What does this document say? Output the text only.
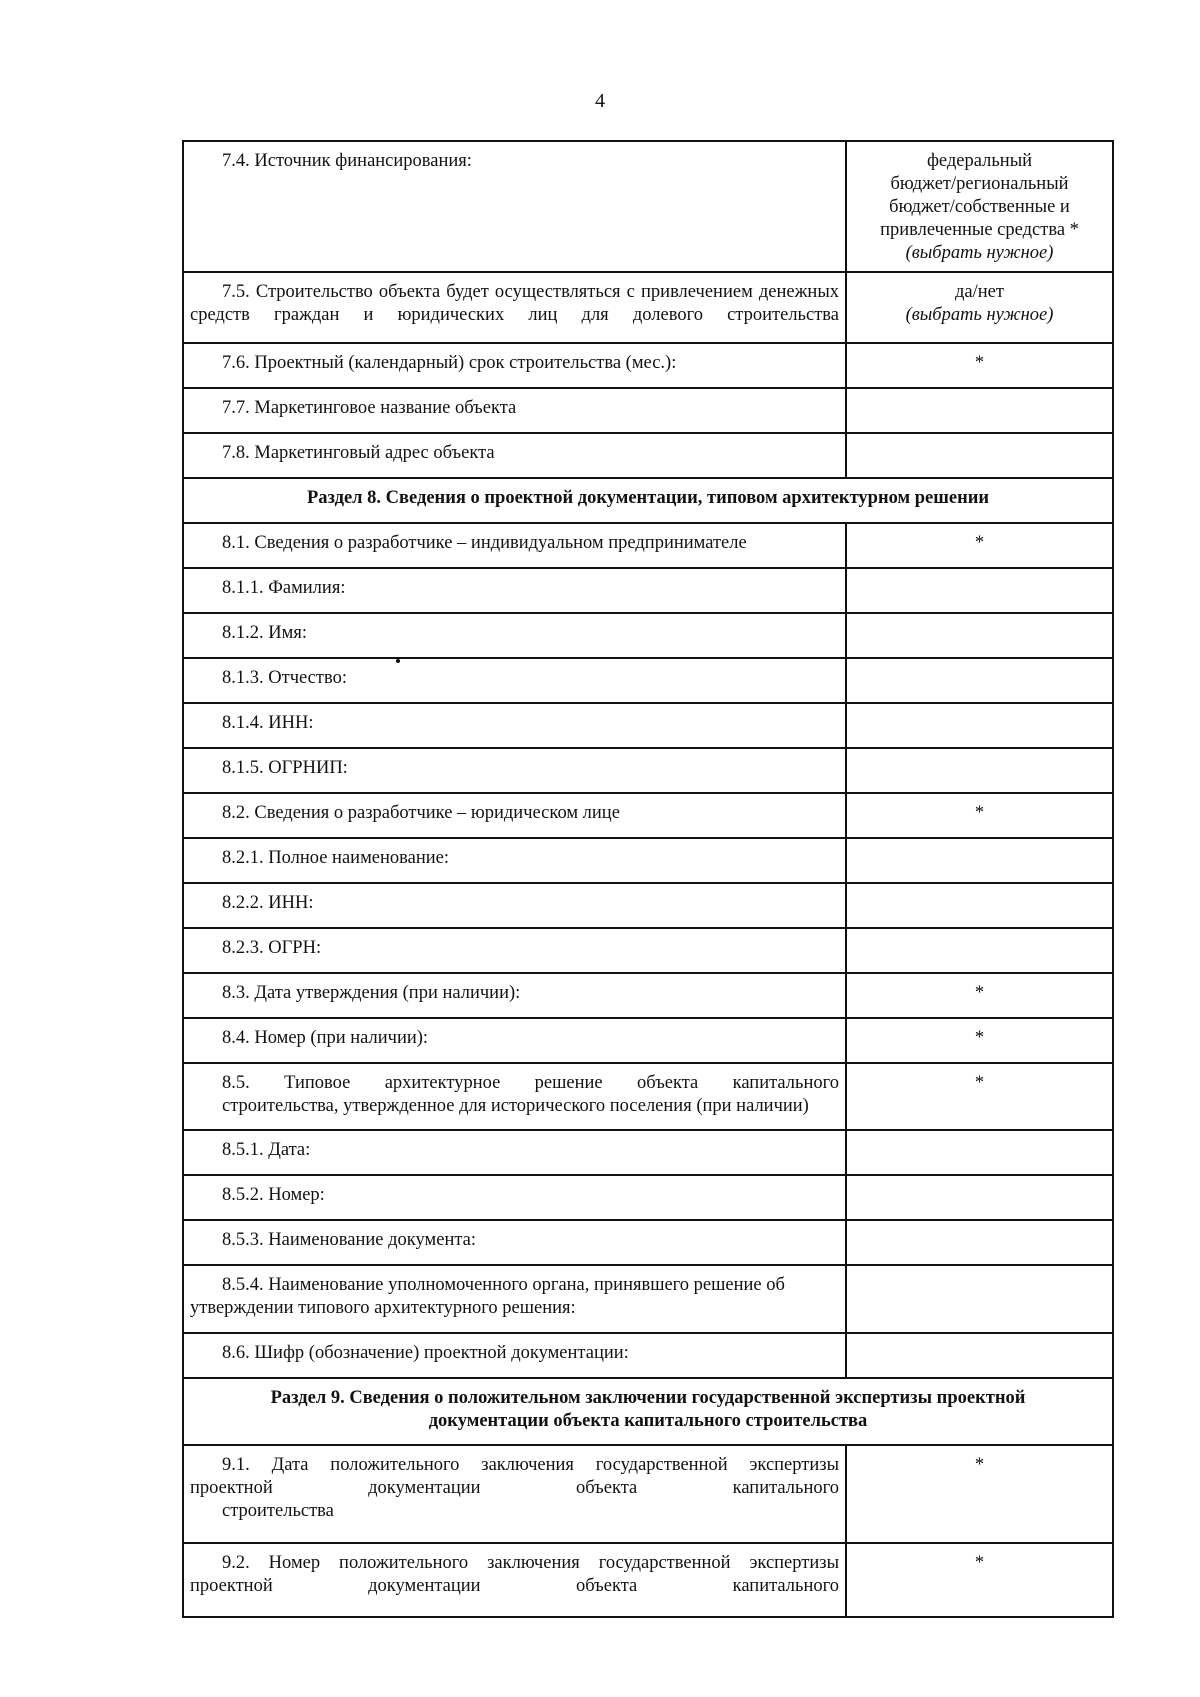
4
7.4. Источник финансирования:	федеральный
бюджет/региональный
бюджет/собственные и
привлеченные средства *
(выбрать нужное)

7.5. Строительство объекта будет осуществляться с привлечением денежных средств граждан и юридических лиц для долевого строительства	да/нет
(выбрать нужное)

7.6. Проектный (календарный) срок строительства (мес.):	*
7.7. Маркетинговое название объекта	
7.8. Маркетинговый адрес объекта	
Раздел 8. Сведения о проектной документации, типовом архитектурном решении	
8.1. Сведения о разработчике – индивидуальном предпринимателе	*
8.1.1. Фамилия:	
8.1.2. Имя:	
8.1.3. Отчество:	
8.1.4. ИНН:	
8.1.5. ОГРНИП:	
8.2. Сведения о разработчике – юридическом лице	*
8.2.1. Полное наименование:	
8.2.2. ИНН:	
8.2.3. ОГРН:	
8.3. Дата утверждения (при наличии):	*
8.4. Номер (при наличии):	*
8.5. Типовое архитектурное решение объекта капитального
строительства, утвержденное для исторического поселения (при наличии)	*
8.5.1. Дата:	
8.5.2. Номер:	
8.5.3. Наименование документа:	
8.5.4. Наименование уполномоченного органа, принявшего решение об утверждении типового архитектурного решения:	
8.6. Шифр (обозначение) проектной документации:	

Раздел 9. Сведения о положительном заключении государственной экспертизы проектной
документации объекта капитального строительства	

9.1. Дата положительного заключения государственной экспертизы проектной документации объекта капитального
строительства	*
9.2. Номер положительного заключения государственной экспертизы проектной документации объекта капитального	*
